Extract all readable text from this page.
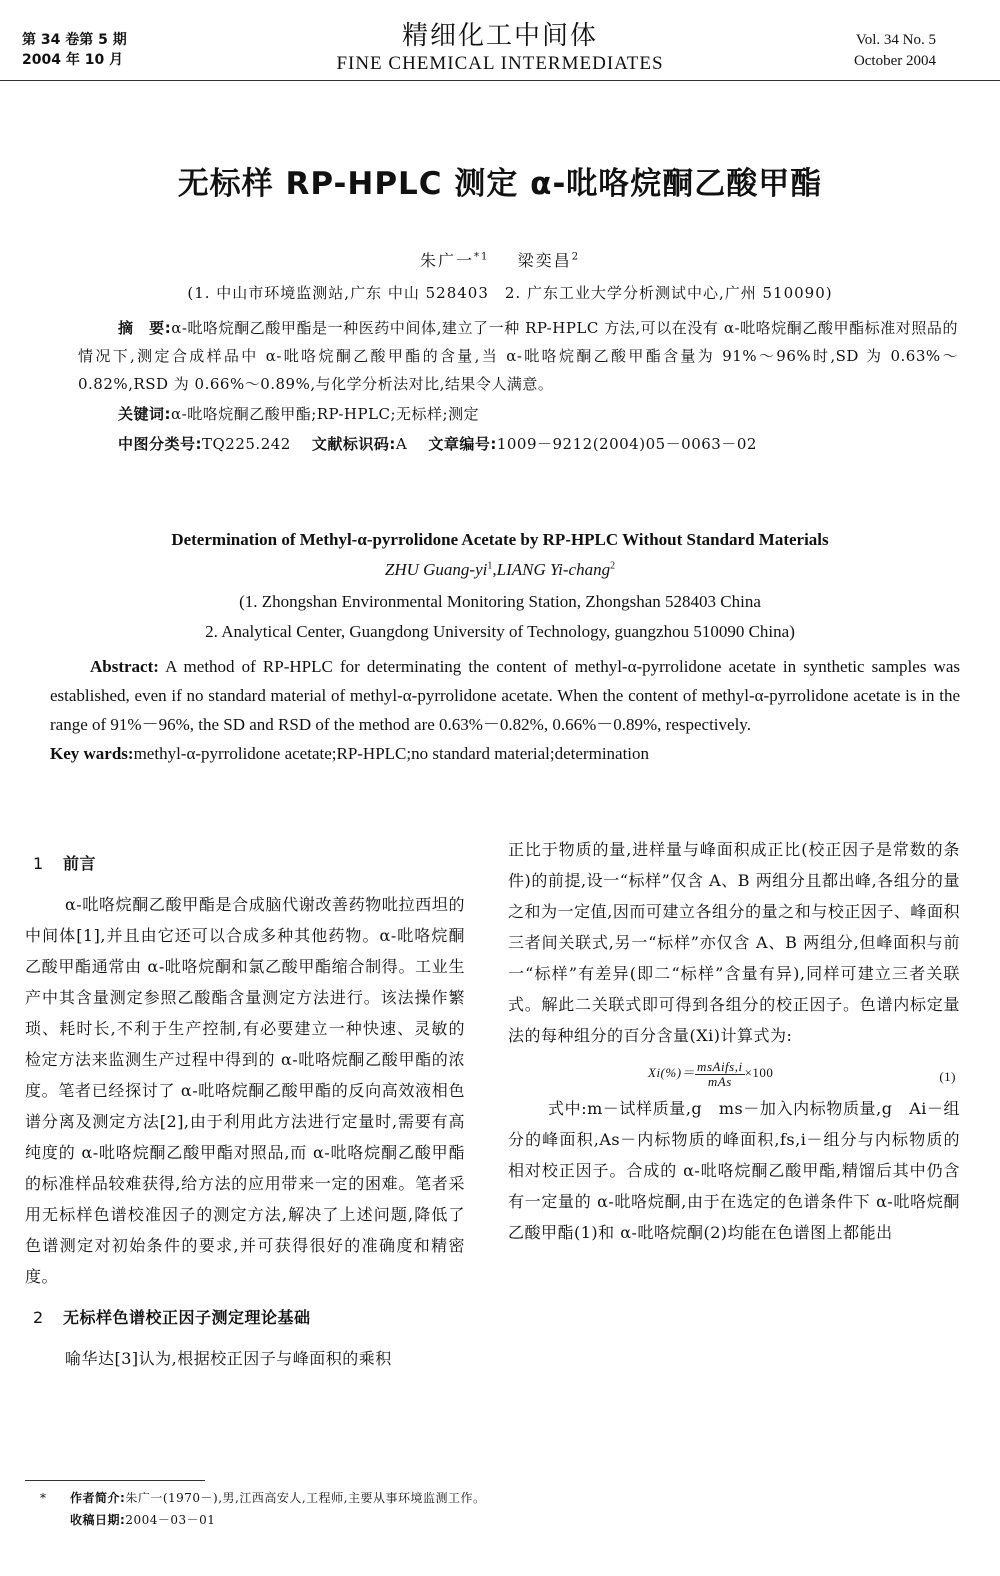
第 34 卷第 5 期
2004 年 10 月
精细化工中间体
FINE CHEMICAL INTERMEDIATES
Vol. 34 No. 5
October 2004
无标样 RP-HPLC 测定 α-吡咯烷酮乙酸甲酯
朱广一$^{*1}$ 梁奕昌$^2$
(1. 中山市环境监测站,广东 中山 528403　2. 广东工业大学分析测试中心,广州 510090)

摘　要:α-吡咯烷酮乙酸甲酯是一种医药中间体,建立了一种 RP-HPLC 方法,可以在没有 α-吡咯烷酮乙酸甲酯标准对照品的情况下,测定合成样品中 α-吡咯烷酮乙酸甲酯的含量,当 α-吡咯烷酮乙酸甲酯含量为 91%～96%时,SD 为 0.63%～0.82%,RSD 为 0.66%～0.89%,与化学分析法对比,结果令人满意。

关键词:α-吡咯烷酮乙酸甲酯;RP-HPLC;无标样;测定

中图分类号:TQ225.242 文献标识码:A 文章编号:1009－9212(2004)05－0063－02

Determination of Methyl-α-pyrrolidone Acetate by RP-HPLC Without Standard Materials
ZHU Guang-$yi^1,LIANG$ Yi-chang$^2$
(1. Zhongshan Environmental Monitoring Station, Zhongshan 528403 China
2. Analytical Center, Guangdong University of Technology, guangzhou 510090 China)

Abstract: A method of RP-HPLC for determinating the content of methyl-α-pyrrolidone acetate in synthetic samples was established, even if no standard material of methyl-α-pyrrolidone acetate. When the content of methyl-α-pyrrolidone acetate is in the range of 91%－96%, the SD and RSD of the method are 0.63%－0.82%, 0.66%－0.89%, respectively.

Key wards:methyl-α-pyrrolidone acetate;RP-HPLC;no standard material;determination

1 前言

α-吡咯烷酮乙酸甲酯是合成脑代谢改善药物吡拉西坦的中间体[1],并且由它还可以合成多种其他药物。α-吡咯烷酮乙酸甲酯通常由 α-吡咯烷酮和氯乙酸甲酯缩合制得。工业生产中其含量测定参照乙酸酯含量测定方法进行。该法操作繁琐、耗时长,不利于生产控制,有必要建立一种快速、灵敏的检定方法来监测生产过程中得到的 α-吡咯烷酮乙酸甲酯的浓度。笔者已经探讨了 α-吡咯烷酮乙酸甲酯的反向高效液相色谱分离及测定方法[2],由于利用此方法进行定量时,需要有高纯度的 α-吡咯烷酮乙酸甲酯对照品,而 α-吡咯烷酮乙酸甲酯的标准样品较难获得,给方法的应用带来一定的困难。笔者采用无标样色谱校准因子的测定方法,解决了上述问题,降低了色谱测定对初始条件的要求,并可获得很好的准确度和精密度。

2 无标样色谱校正因子测定理论基础

喻华达[3]认为,根据校正因子与峰面积的乘积

正比于物质的量,进样量与峰面积成正比(校正因子是常数的条件)的前提,设一“标样”仅含 A、B 两组分且都出峰,各组分的量之和为一定值,因而可建立各组分的量之和与校正因子、峰面积三者间关联式,另一“标样”亦仅含 A、B 两组分,但峰面积与前一“标样”有差异(即二“标样”含量有异),同样可建立三者关联式。解此二关联式即可得到各组分的校正因子。色谱内标定量法的每种组分的百分含量(Xi)计算式为:

$Xi(\%)= \frac{\text{msAifs,i}}{\text{mAs}} \times 100$	(1)

式中:m－试样质量,g　ms－加入内标物质量,g　Ai－组分的峰面积,As－内标物质的峰面积,fs,i－组分与内标物质的相对校正因子。合成的 α-吡咯烷酮乙酸甲酯,精馏后其中仍含有一定量的 α-吡咯烷酮,由于在选定的色谱条件下 α-吡咯烷酮乙酸甲酯(1)和 α-吡咯烷酮(2)均能在色谱图上都能出

* 作者简介:朱广一(1970－),男,江西高安人,工程师,主要从事环境监测工作。

收稿日期:2004－03－01
